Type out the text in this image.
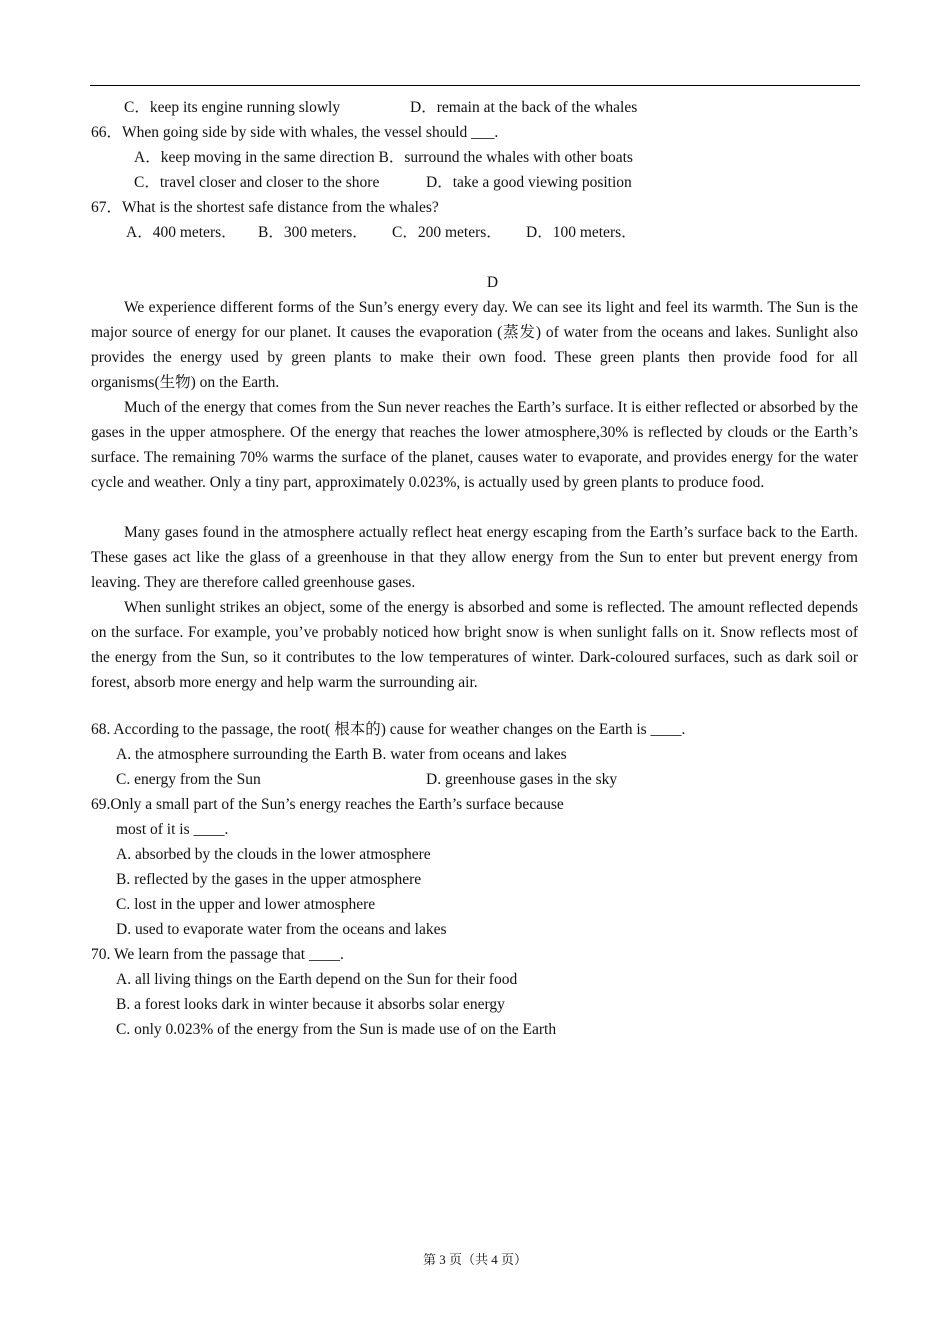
C．keep its engine running slowly	D．remain at the back of the whales
66．When going side by side with whales, the vessel should ___.
A．keep moving in the same direction B．surround the whales with other boats
C．travel closer and closer to the shore	D．take a good viewing position
67．What is the shortest safe distance from the whales?
A．400 meters． B．300 meters． C．200 meters． D．100 meters．
D

We experience different forms of the Sun’s energy every day. We can see its light and feel its warmth. The Sun is the major source of energy for our planet. It causes the evaporation (蒸发) of water from the oceans and lakes. Sunlight also provides the energy used by green plants to make their own food. These green plants then provide food for all organisms(生物) on the Earth.

Much of the energy that comes from the Sun never reaches the Earth’s surface. It is either reflected or absorbed by the gases in the upper atmosphere. Of the energy that reaches the lower atmosphere,30% is reflected by clouds or the Earth’s surface. The remaining 70% warms the surface of the planet, causes water to evaporate, and provides energy for the water cycle and weather. Only a tiny part, approximately 0.023%, is actually used by green plants to produce food.

Many gases found in the atmosphere actually reflect heat energy escaping from the Earth’s surface back to the Earth. These gases act like the glass of a greenhouse in that they allow energy from the Sun to enter but prevent energy from leaving. They are therefore called greenhouse gases.

When sunlight strikes an object, some of the energy is absorbed and some is reflected. The amount reflected depends on the surface. For example, you’ve probably noticed how bright snow is when sunlight falls on it. Snow reflects most of the energy from the Sun, so it contributes to the low temperatures of winter. Dark-coloured surfaces, such as dark soil or forest, absorb more energy and help warm the surrounding air.

68. According to the passage, the root( 根本的) cause for weather changes on the Earth is ____.
A. the atmosphere surrounding the Earth B. water from oceans and lakes
C. energy from the Sun	D. greenhouse gases in the sky
69.Only a small part of the Sun’s energy reaches the Earth’s surface because
most of it is ____.
A. absorbed by the clouds in the lower atmosphere
B. reflected by the gases in the upper atmosphere
C. lost in the upper and lower atmosphere
D. used to evaporate water from the oceans and lakes
70. We learn from the passage that ____.
A. all living things on the Earth depend on the Sun for their food
B. a forest looks dark in winter because it absorbs solar energy
C. only 0.023% of the energy from the Sun is made use of on the Earth
第 3 页（共 4 页）
